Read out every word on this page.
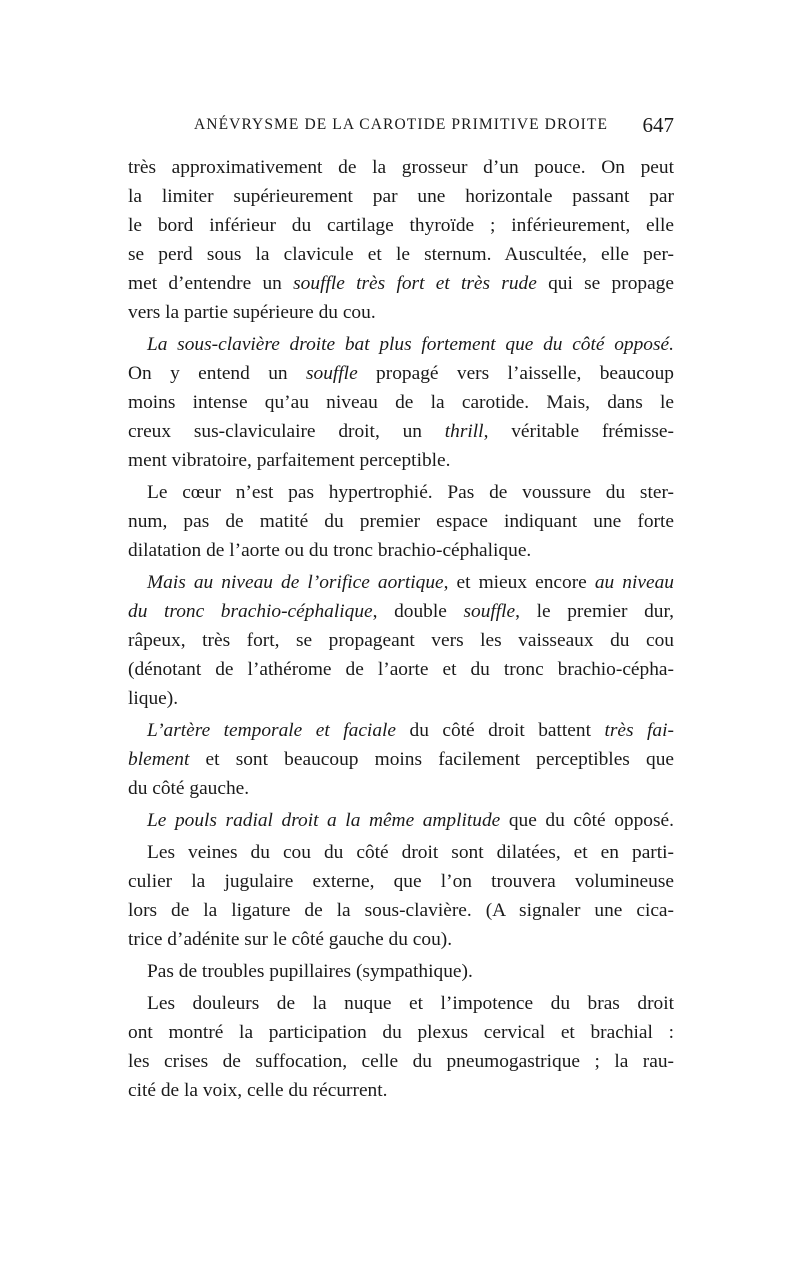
ANÉVRYSME DE LA CAROTIDE PRIMITIVE DROITE 647
très approximativement de la grosseur d’un pouce. On peut
la limiter supérieurement par une horizontale passant par
le bord inférieur du cartilage thyroïde ; inférieurement, elle
se perd sous la clavicule et le sternum. Auscultée, elle per-
met d’entendre un souffle très fort et très rude qui se propage
vers la partie supérieure du cou.
La sous-clavière droite bat plus fortement que du côté opposé.
On y entend un souffle propagé vers l’aisselle, beaucoup
moins intense qu’au niveau de la carotide. Mais, dans le
creux sus-claviculaire droit, un thrill, véritable frémisse-
ment vibratoire, parfaitement perceptible.
Le cœur n’est pas hypertrophié. Pas de voussure du ster-
num, pas de matité du premier espace indiquant une forte
dilatation de l’aorte ou du tronc brachio-céphalique.
Mais au niveau de l’orifice aortique, et mieux encore au niveau
du tronc brachio-céphalique, double souffle, le premier dur,
râpeux, très fort, se propageant vers les vaisseaux du cou
(dénotant de l’athérome de l’aorte et du tronc brachio-cépha-
lique).
L’artère temporale et faciale du côté droit battent très fai-
blement et sont beaucoup moins facilement perceptibles que
du côté gauche.
Le pouls radial droit a la même amplitude que du côté opposé.
Les veines du cou du côté droit sont dilatées, et en parti-
culier la jugulaire externe, que l’on trouvera volumineuse
lors de la ligature de la sous-clavière. (A signaler une cica-
trice d’adénite sur le côté gauche du cou).
Pas de troubles pupillaires (sympathique).
Les douleurs de la nuque et l’impotence du bras droit
ont montré la participation du plexus cervical et brachial :
les crises de suffocation, celle du pneumogastrique ; la rau-
cité de la voix, celle du récurrent.
